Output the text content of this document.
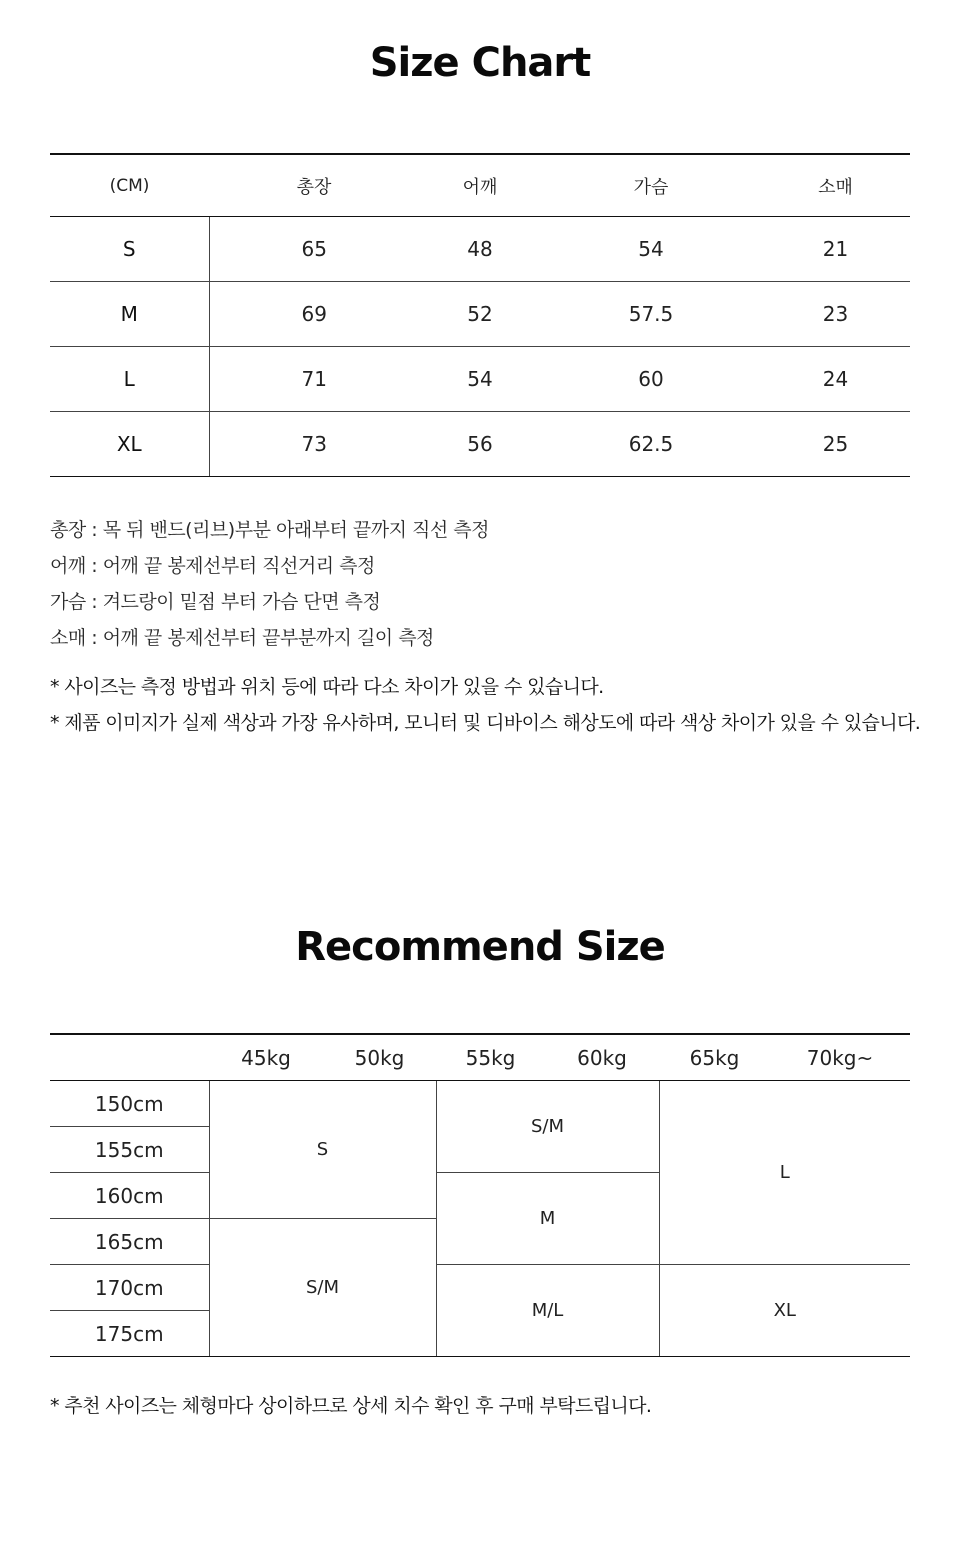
Size Chart
(CM)	총장	어깨	가슴	소매
S	65	48	54	21
M	69	52	57.5	23
L	71	54	60	24
XL	73	56	62.5	25
총장 : 목 뒤 밴드(리브)부분 아래부터 끝까지 직선 측정
어깨 : 어깨 끝 봉제선부터 직선거리 측정
가슴 : 겨드랑이 밑점 부터 가슴 단면 측정
소매 : 어깨 끝 봉제선부터 끝부분까지 길이 측정
* 사이즈는 측정 방법과 위치 등에 따라 다소 차이가 있을 수 있습니다.
* 제품 이미지가 실제 색상과 가장 유사하며, 모니터 및 디바이스 해상도에 따라 색상 차이가 있을 수 있습니다.
Recommend Size
	45kg	50kg	55kg	60kg	65kg	70kg~
150cm	S		S/M		L	
155cm						
160cm			M			
165cm	S/M					
170cm			M/L		XL	
175cm						
* 추천 사이즈는 체형마다 상이하므로 상세 치수 확인 후 구매 부탁드립니다.
